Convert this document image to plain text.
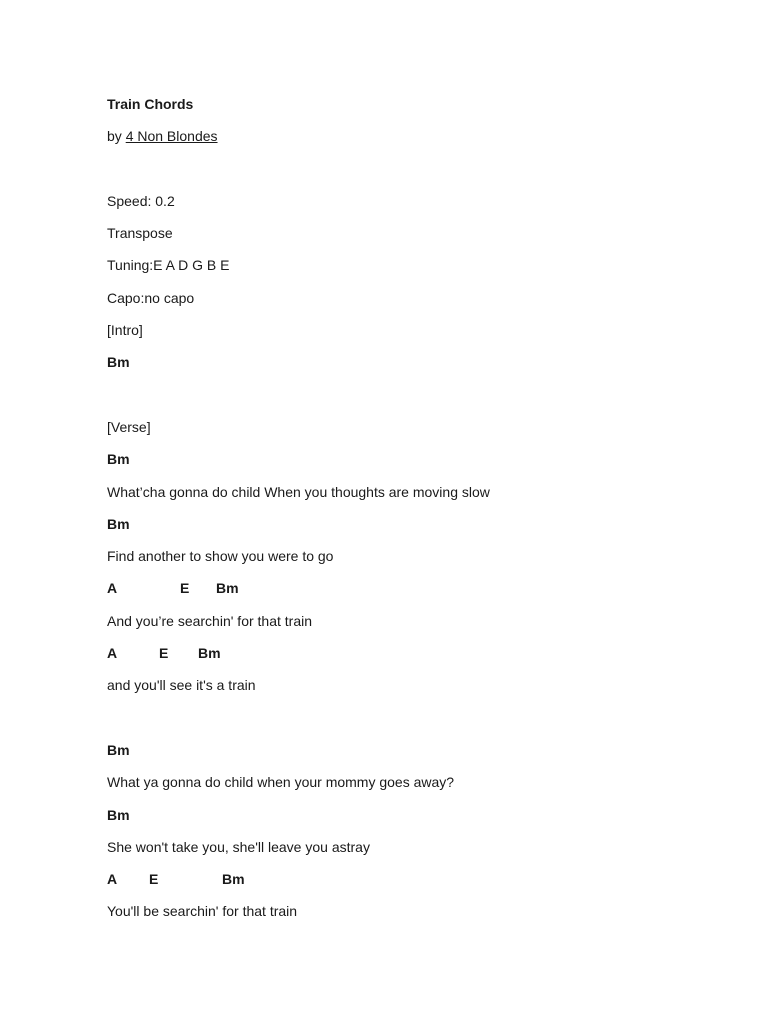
Train Chords
by 4 Non Blondes
Speed: 0.2
Transpose
Tuning:E A D G B E
Capo:no capo
[Intro]
Bm
[Verse]
Bm
What’cha gonna do child When you thoughts are moving slow
Bm
Find another to show you were to go
A	E Bm
And you’re searchin' for that train
A	E Bm
and you'll see it's a train
Bm
What ya gonna do child when your mommy goes away?
Bm
She won't take you, she'll leave you astray
A E	Bm
You'll be searchin' for that train
